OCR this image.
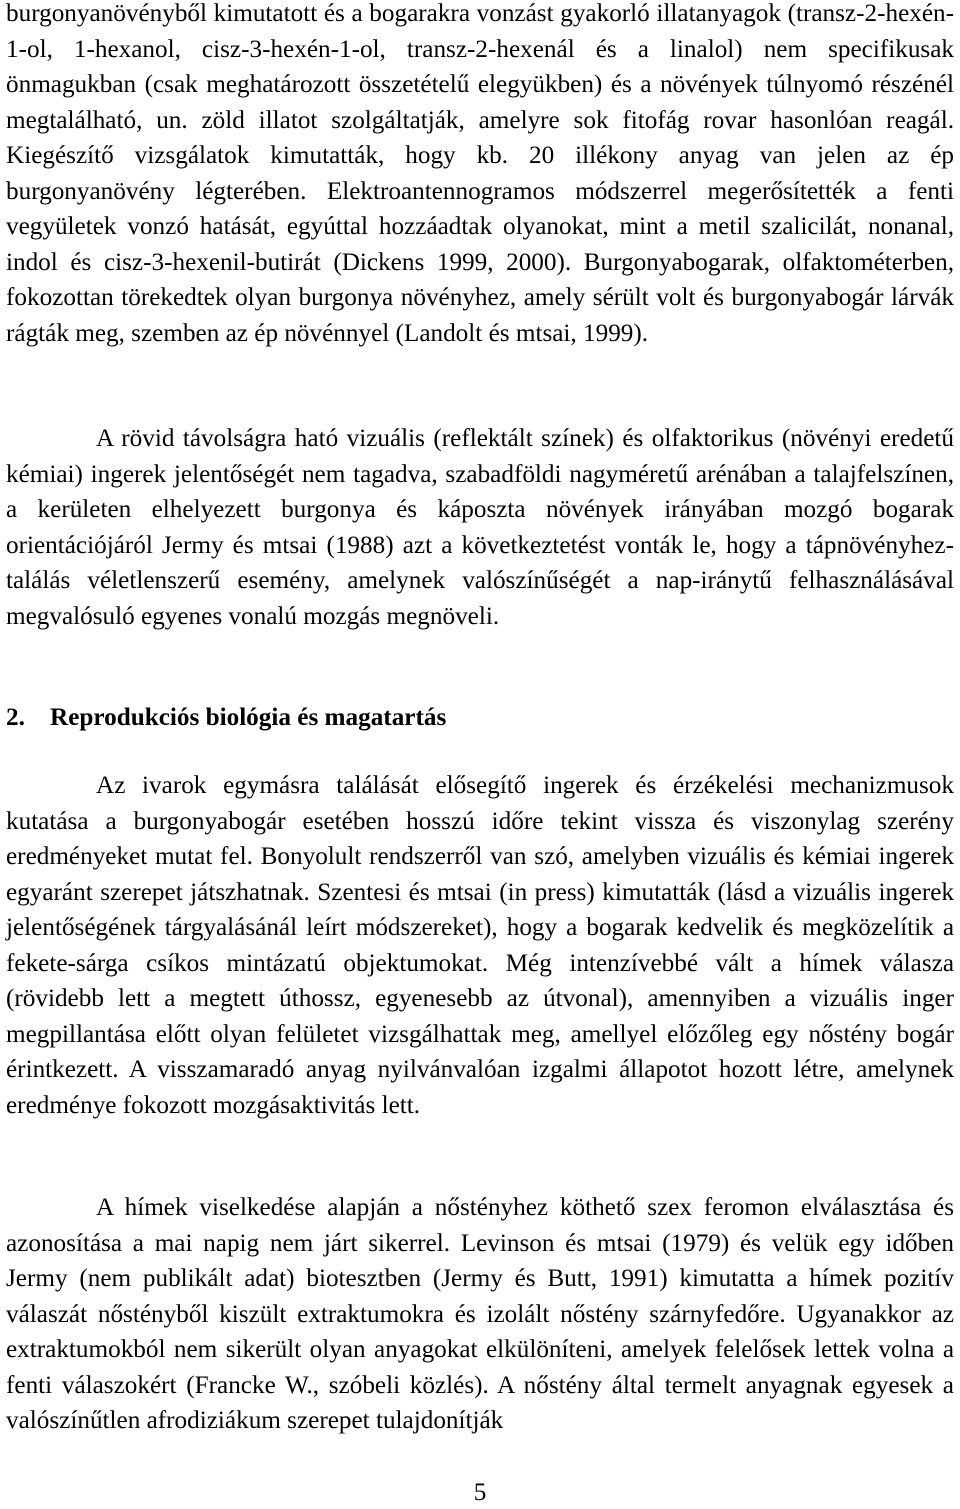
burgonyanövényből kimutatott és a bogarakra vonzást gyakorló illatanyagok (transz-2-hexén-1-ol, 1-hexanol, cisz-3-hexén-1-ol, transz-2-hexenál és a linalol) nem specifikusak önmagukban (csak meghatározott összetételű elegyükben) és a növények túlnyomó részénél megtalálható, un. zöld illatot szolgáltatják, amelyre sok fitofág rovar hasonlóan reagál. Kiegészítő vizsgálatok kimutatták, hogy kb. 20 illékony anyag van jelen az ép burgonyanövény légterében. Elektroantennogramos módszerrel megerősítették a fenti vegyületek vonzó hatását, egyúttal hozzáadtak olyanokat, mint a metil szalicilát, nonanal, indol és cisz-3-hexenil-butirát (Dickens 1999, 2000). Burgonyabogarak, olfaktométerben, fokozottan törekedtek olyan burgonya növényhez, amely sérült volt és burgonyabogár lárvák rágták meg, szemben az ép növénnyel (Landolt és mtsai, 1999).

A rövid távolságra ható vizuális (reflektált színek) és olfaktorikus (növényi eredetű kémiai) ingerek jelentőségét nem tagadva, szabadföldi nagyméretű arénában a talajfelszínen, a kerületen elhelyezett burgonya és káposzta növények irányában mozgó bogarak orientációjáról Jermy és mtsai (1988) azt a következtetést vonták le, hogy a tápnövényhez-találás véletlenszerű esemény, amelynek valószínűségét a nap-iránytű felhasználásával megvalósuló egyenes vonalú mozgás megnöveli.

2. Reprodukciós biológia és magatartás

Az ivarok egymásra találását elősegítő ingerek és érzékelési mechanizmusok kutatása a burgonyabogár esetében hosszú időre tekint vissza és viszonylag szerény eredményeket mutat fel. Bonyolult rendszerről van szó, amelyben vizuális és kémiai ingerek egyaránt szerepet játszhatnak. Szentesi és mtsai (in press) kimutatták (lásd a vizuális ingerek jelentőségének tárgyalásánál leírt módszereket), hogy a bogarak kedvelik és megközelítik a fekete-sárga csíkos mintázatú objektumokat. Még intenzívebbé vált a hímek válasza (rövidebb lett a megtett úthossz, egyenesebb az útvonal), amennyiben a vizuális inger megpillantása előtt olyan felületet vizsgálhattak meg, amellyel előzőleg egy nőstény bogár érintkezett. A visszamaradó anyag nyilvánvalóan izgalmi állapotot hozott létre, amelynek eredménye fokozott mozgásaktivitás lett.

A hímek viselkedése alapján a nőstényhez köthető szex feromon elválasztása és azonosítása a mai napig nem járt sikerrel. Levinson és mtsai (1979) és velük egy időben Jermy (nem publikált adat) biotesztben (Jermy és Butt, 1991) kimutatta a hímek pozitív válaszát nőstényből kiszült extraktumokra és izolált nőstény szárnyfedőre. Ugyanakkor az extraktumokból nem sikerült olyan anyagokat elkülöníteni, amelyek felelősek lettek volna a fenti válaszokért (Francke W., szóbeli közlés). A nőstény által termelt anyagnak egyesek a valószínűtlen afrodiziákum szerepet tulajdonítják

5
